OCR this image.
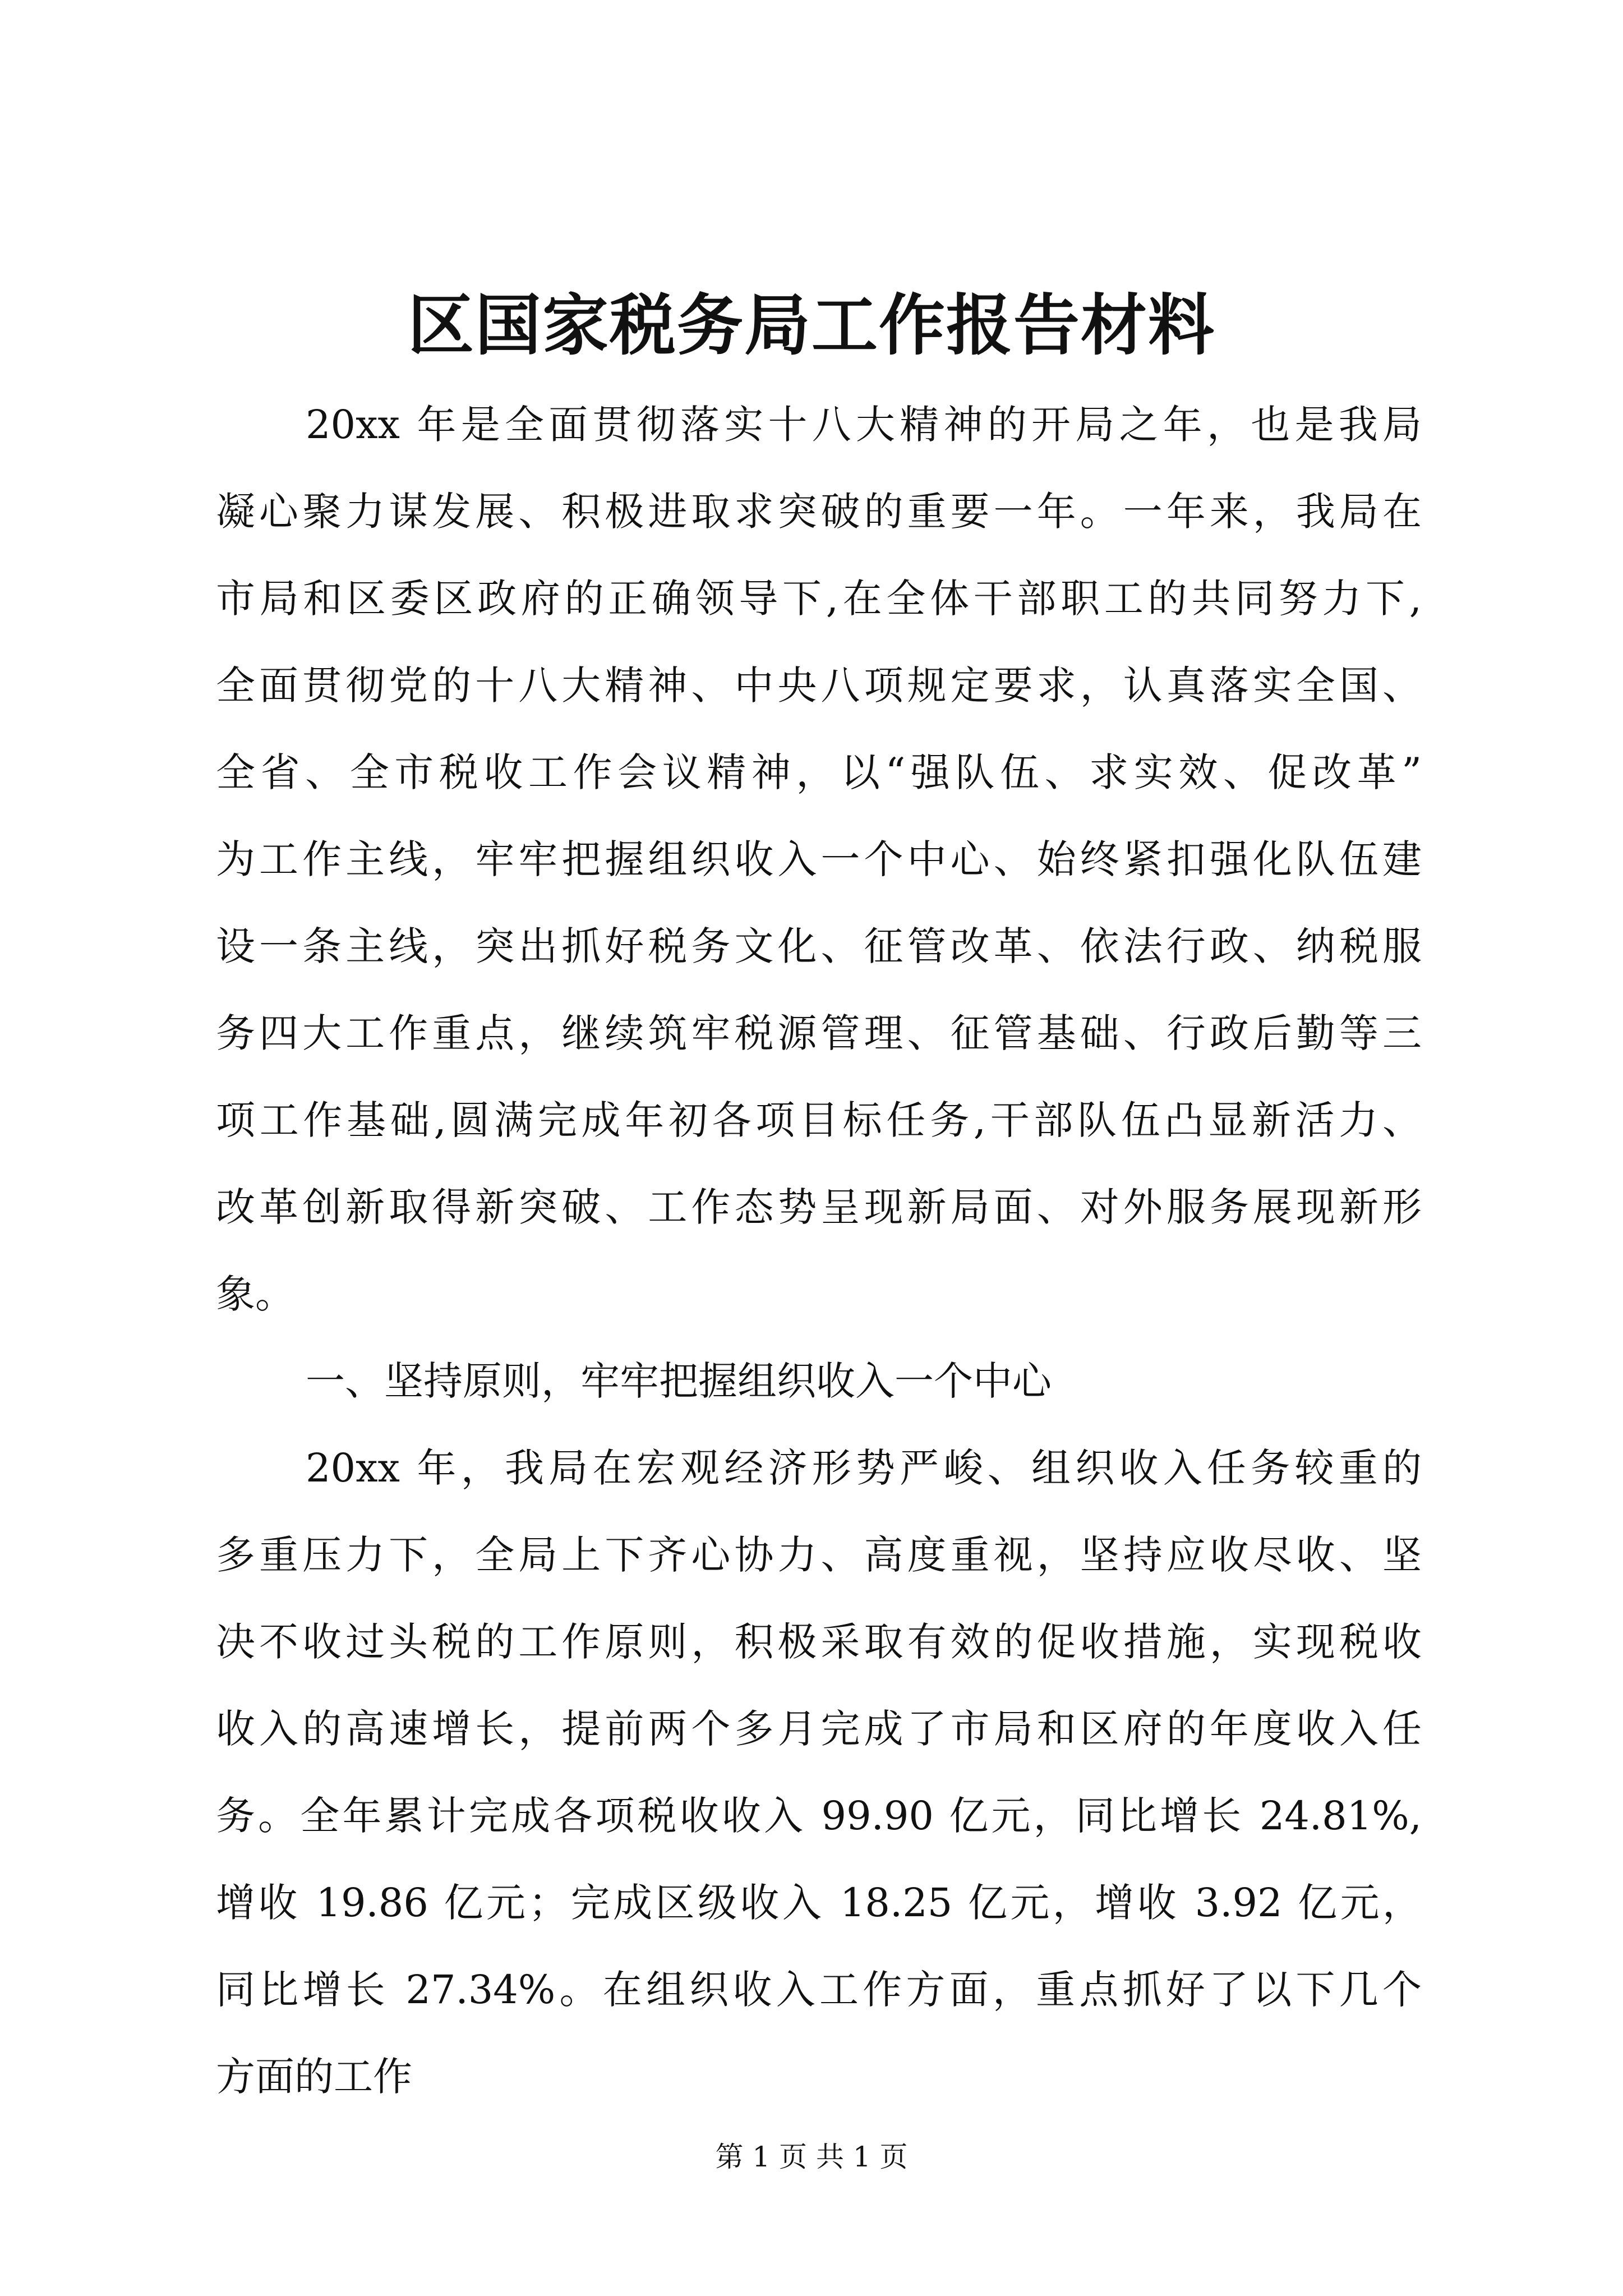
区国家税务局工作报告材料
20xx 年是全面贯彻落实十八大精神的开局之年，也是我局
凝心聚力谋发展、积极进取求突破的重要一年。一年来，我局在
市局和区委区政府的正确领导下,在全体干部职工的共同努力下,
全面贯彻党的十八大精神、中央八项规定要求，认真落实全国、
全省、全市税收工作会议精神，以“强队伍、求实效、促改革”
为工作主线，牢牢把握组织收入一个中心、始终紧扣强化队伍建
设一条主线，突出抓好税务文化、征管改革、依法行政、纳税服
务四大工作重点，继续筑牢税源管理、征管基础、行政后勤等三
项工作基础,圆满完成年初各项目标任务,干部队伍凸显新活力、
改革创新取得新突破、工作态势呈现新局面、对外服务展现新形
象。
一、坚持原则，牢牢把握组织收入一个中心
20xx 年，我局在宏观经济形势严峻、组织收入任务较重的
多重压力下，全局上下齐心协力、高度重视，坚持应收尽收、坚
决不收过头税的工作原则，积极采取有效的促收措施，实现税收
收入的高速增长，提前两个多月完成了市局和区府的年度收入任
务。全年累计完成各项税收收入 99.90 亿元，同比增长 24.81%,
增收 19.86 亿元；完成区级收入 18.25 亿元，增收 3.92 亿元，
同比增长 27.34%。在组织收入工作方面，重点抓好了以下几个
方面的工作
第 1 页 共 1 页
